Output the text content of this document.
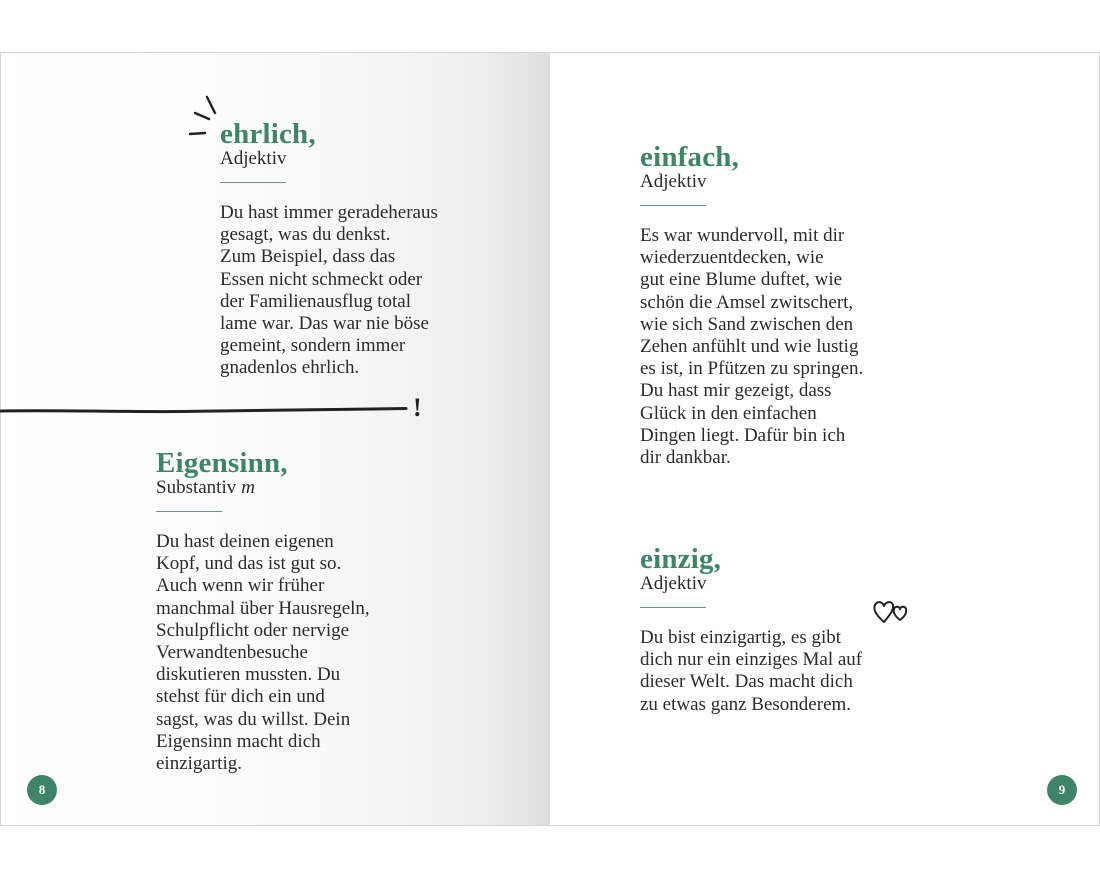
ehrlich,
Adjektiv
Du hast immer geradeheraus
gesagt, was du denkst.
Zum Beispiel, dass das
Essen nicht schmeckt oder
der Familienausflug total
lame war. Das war nie böse
gemeint, sondern immer
gnadenlos ehrlich.
!
Eigensinn,
Substantiv m
Du hast deinen eigenen
Kopf, und das ist gut so.
Auch wenn wir früher
manchmal über Hausregeln,
Schulpflicht oder nervige
Verwandtenbesuche
diskutieren mussten. Du
stehst für dich ein und
sagst, was du willst. Dein
Eigensinn macht dich
einzigartig.
8
einfach,
Adjektiv
Es war wundervoll, mit dir
wiederzuentdecken, wie
gut eine Blume duftet, wie
schön die Amsel zwitschert,
wie sich Sand zwischen den
Zehen anfühlt und wie lustig
es ist, in Pfützen zu springen.
Du hast mir gezeigt, dass
Glück in den einfachen
Dingen liegt. Dafür bin ich
dir dankbar.
einzig,
Adjektiv
Du bist einzigartig, es gibt
dich nur ein einziges Mal auf
dieser Welt. Das macht dich
zu etwas ganz Besonderem.
9
